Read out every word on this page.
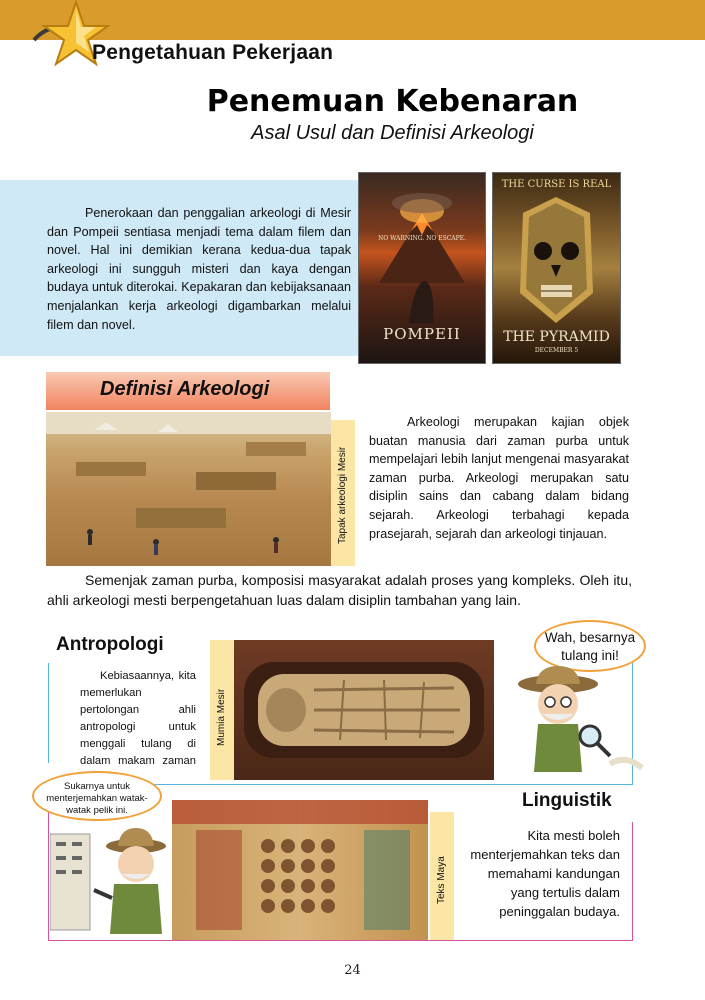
Pengetahuan Pekerjaan
Penemuan Kebenaran
Asal Usul dan Definisi Arkeologi
Penerokaan dan penggalian arkeologi di Mesir dan Pompeii sentiasa menjadi tema dalam filem dan novel. Hal ini demikian kerana kedua-dua tapak arkeologi ini sungguh misteri dan kaya dengan budaya untuk diterokai. Kepakaran dan kebijaksanaan menjalankan kerja arkeologi digambarkan melalui filem dan novel.
NO WARNING. NO ESCAPE.
POMPEII
THE CURSE IS REAL
THE PYRAMID
DECEMBER 5
Definisi Arkeologi
Tapak arkeologi Mesir
Arkeologi merupakan kajian objek buatan manusia dari zaman purba untuk mempelajari lebih lanjut mengenai masyarakat zaman purba. Arkeologi merupakan satu disiplin sains dan cabang dalam bidang sejarah. Arkeologi terbahagi kepada prasejarah, sejarah dan arkeologi tinjauan.
Semenjak zaman purba, komposisi masyarakat adalah proses yang kompleks. Oleh itu, ahli arkeologi mesti berpengetahuan luas dalam disiplin tambahan yang lain.
Antropologi
Kebiasaannya, kita memerlukan pertolongan ahli antropologi untuk menggali tulang di dalam makam zaman
Mumia Mesir
Wah, besarnya
tulang ini!
Linguistik
Kita mesti boleh menterjemahkan teks dan memahami kandungan yang tertulis dalam peninggalan budaya.
Teks Maya
Sukarnya untuk
menterjemahkan watak-
watak pelik ini.
24
